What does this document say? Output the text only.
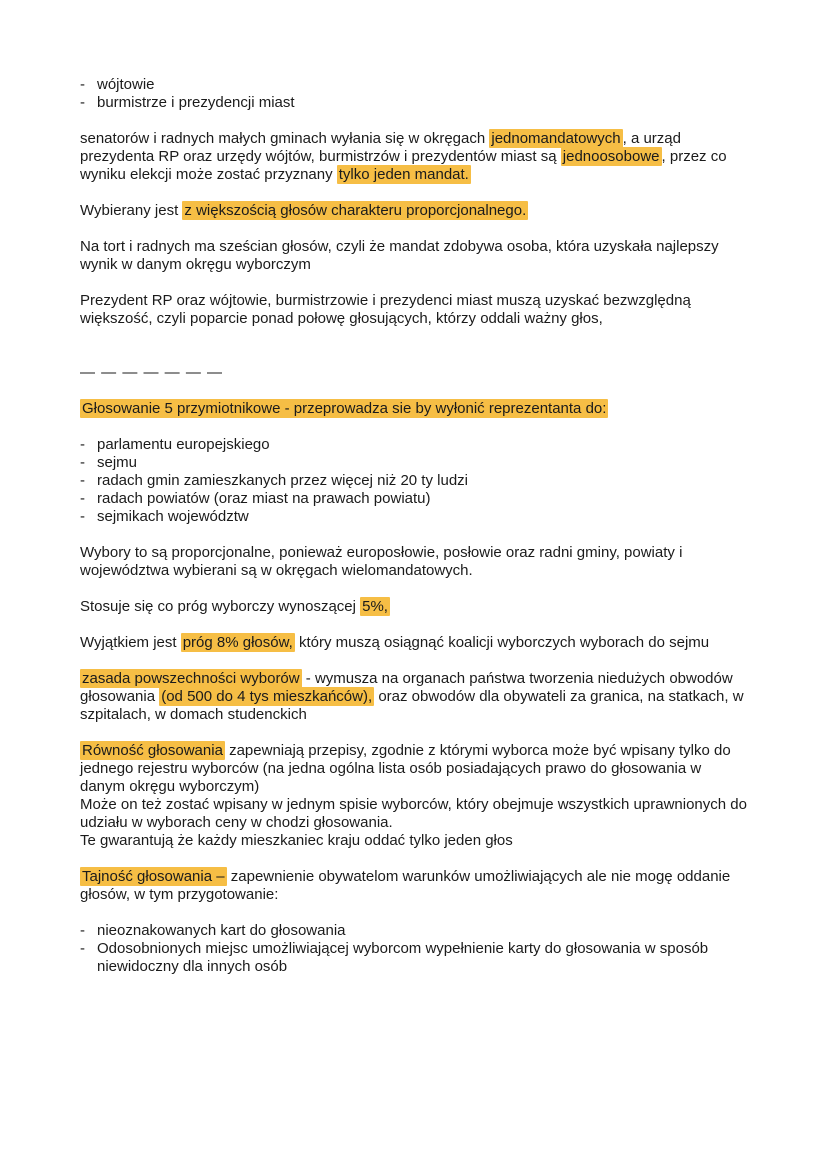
- wójtowie
- burmistrze i prezydencji miast
senatorów i radnych małych gminach wyłania się w okręgach jednomandatowych , a urząd prezydenta RP oraz urzędy wójtów, burmistrzów i prezydentów miast są jednoosobowe , przez co wyniku elekcji może zostać przyznany tylko jeden mandat.
Wybierany jest z większością głosów charakteru proporcjonalnego.
Na tort i radnych ma sześcian głosów, czyli że mandat zdobywa osoba, która uzyskała najlepszy wynik w danym okręgu wyborczym
Prezydent RP oraz wójtowie, burmistrzowie i prezydenci miast muszą uzyskać bezwzględną większość, czyli poparcie ponad połowę głosujących, którzy oddali ważny głos,
— — — — — — —
Głosowanie 5 przymiotnikowe - przeprowadza sie by wyłonić reprezentanta do:
- parlamentu europejskiego
- sejmu
- radach gmin zamieszkanych przez więcej niż 20 ty ludzi
- radach powiatów (oraz miast na prawach powiatu)
- sejmikach województw
Wybory to są proporcjonalne, ponieważ europosłowie, posłowie oraz radni gminy, powiaty i województwa wybierani są w okręgach wielomandatowych.
Stosuje się co próg wyborczy wynoszącej 5%,
Wyjątkiem jest próg 8% głosów, który muszą osiągnąć koalicji wyborczych wyborach do sejmu
zasada powszechności wyborów - wymusza na organach państwa tworzenia niedużych obwodów głosowania (od 500 do 4 tys mieszkańców), oraz obwodów dla obywateli za granica, na statkach, w szpitalach, w domach studenckich
Równość głosowania zapewniają przepisy, zgodnie z którymi wyborca może być wpisany tylko do jednego rejestru wyborców (na jedna ogólna lista osób posiadających prawo do głosowania w danym okręgu wyborczym)
Może on też zostać wpisany w jednym spisie wyborców, który obejmuje wszystkich uprawnionych do udziału w wyborach ceny w chodzi głosowania.
Te gwarantują że każdy mieszkaniec kraju oddać tylko jeden głos
Tajność głosowania – zapewnienie obywatelom warunków umożliwiających ale nie mogę oddanie głosów, w tym przygotowanie:
- nieoznakowanych kart do głosowania
- Odosobnionych miejsc umożliwiającej wyborcom wypełnienie karty do głosowania w sposób niewidoczny dla innych osób
